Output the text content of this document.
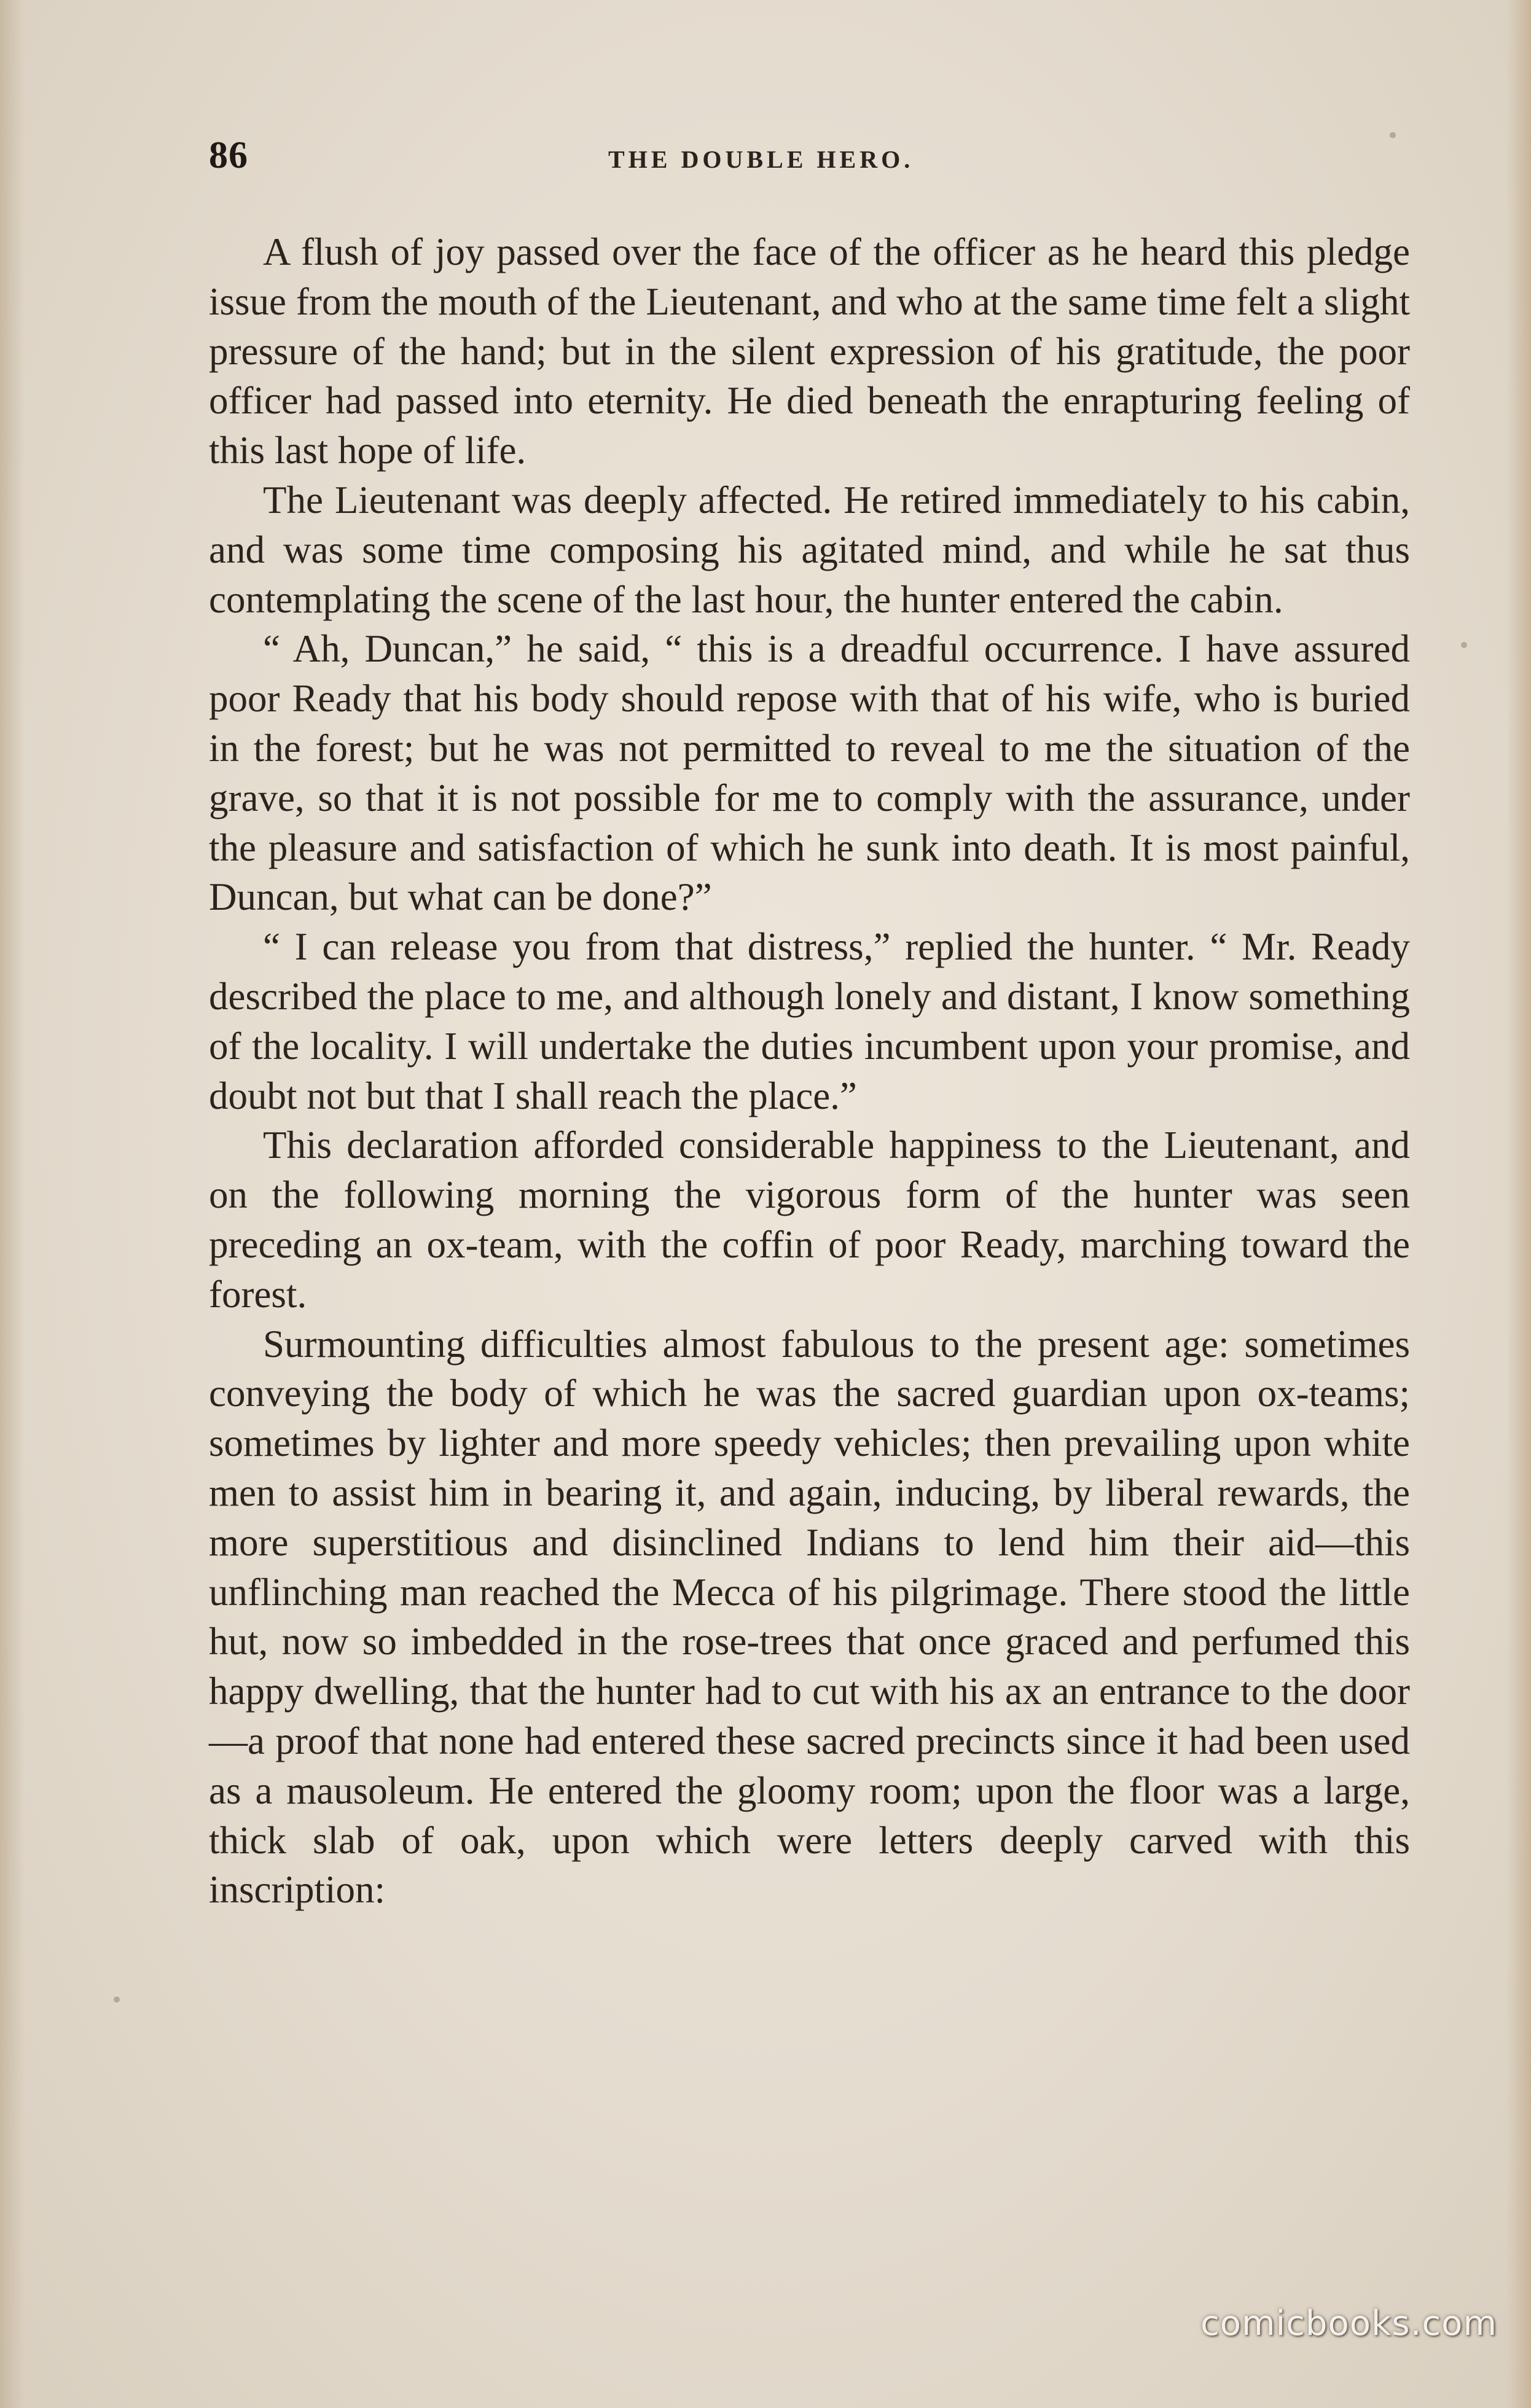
86	THE DOUBLE HERO.

A flush of joy passed over the face of the officer as he heard this pledge issue from the mouth of the Lieutenant, and who at the same time felt a slight pressure of the hand; but in the silent expression of his gratitude, the poor officer had passed into eternity. He died beneath the enrapturing feeling of this last hope of life.

The Lieutenant was deeply affected. He retired immediately to his cabin, and was some time composing his agitated mind, and while he sat thus contemplating the scene of the last hour, the hunter entered the cabin.

“ Ah, Duncan,” he said, “ this is a dreadful occurrence. I have assured poor Ready that his body should repose with that of his wife, who is buried in the forest; but he was not permitted to reveal to me the situation of the grave, so that it is not possible for me to comply with the assurance, under the pleasure and satisfaction of which he sunk into death. It is most painful, Duncan, but what can be done?”

“ I can release you from that distress,” replied the hunter. “ Mr. Ready described the place to me, and although lonely and distant, I know something of the locality. I will undertake the duties incumbent upon your promise, and doubt not but that I shall reach the place.”

This declaration afforded considerable happiness to the Lieutenant, and on the following morning the vigorous form of the hunter was seen preceding an ox-team, with the coffin of poor Ready, marching toward the forest.

Surmounting difficulties almost fabulous to the present age: sometimes conveying the body of which he was the sacred guardian upon ox-teams; sometimes by lighter and more speedy vehicles; then prevailing upon white men to assist him in bearing it, and again, inducing, by liberal rewards, the more superstitious and disinclined Indians to lend him their aid—this unflinching man reached the Mecca of his pilgrimage. There stood the little hut, now so imbedded in the rose-trees that once graced and perfumed this happy dwelling, that the hunter had to cut with his ax an entrance to the door—a proof that none had entered these sacred precincts since it had been used as a mausoleum. He entered the gloomy room; upon the floor was a large, thick slab of oak, upon which were letters deeply carved with this inscription:

comicbooks.com
